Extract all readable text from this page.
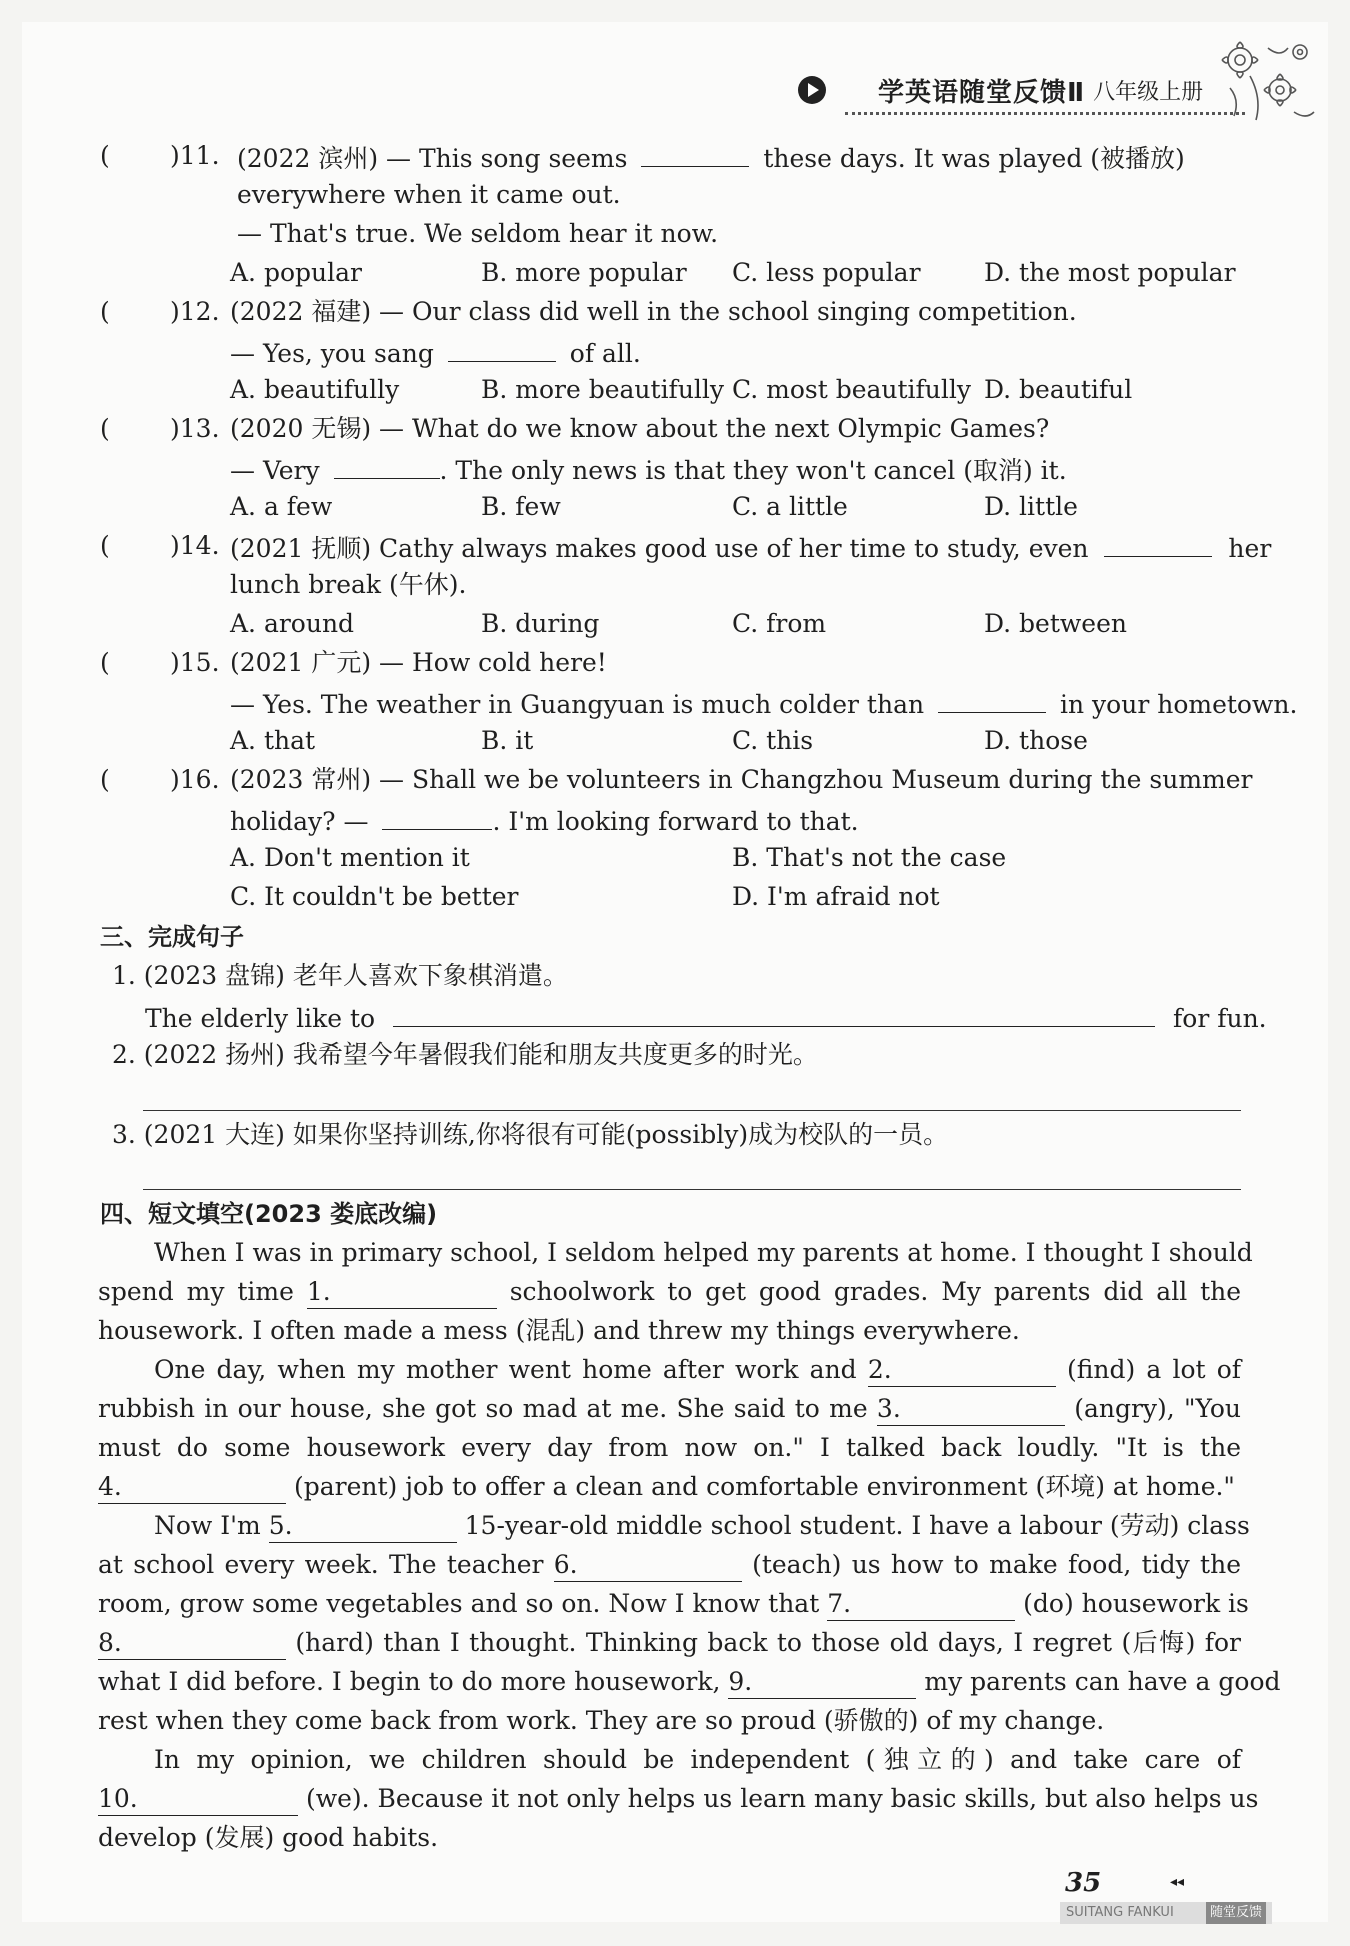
学英语随堂反馈Ⅱ 八年级上册
( )11. (2022 滨州) — This song seems	these days. It was played (被播放)
everywhere when it came out.
— That's true. We seldom hear it now.
A. popular	B. more popular C. less popular	D. the most popular
( )12. (2022 福建) — Our class did well in the school singing competition.
— Yes, you sang	of all.
A. beautifully	B. more beautifully C. most beautifully D. beautiful
( )13. (2020 无锡) — What do we know about the next Olympic Games?
— Very	. The only news is that they won't cancel (取消) it.
A. a few	B. few	C. a little	D. little
( )14. (2021 抚顺) Cathy always makes good use of her time to study, even	her
lunch break (午休).
A. around	B. during	C. from	D. between
( )15. (2021 广元) — How cold here!
— Yes. The weather in Guangyuan is much colder than	in your hometown.
A. that	B. it	C. this	D. those
( )16. (2023 常州) — Shall we be volunteers in Changzhou Museum during the summer
holiday? —	. I'm looking forward to that.
A. Don't mention it	B. That's not the case
C. It couldn't be better	D. I'm afraid not
三、完成句子
1. (2023 盘锦) 老年人喜欢下象棋消遣。
The elderly like to	for fun.
2. (2022 扬州) 我希望今年暑假我们能和朋友共度更多的时光。
3. (2021 大连) 如果你坚持训练,你将很有可能(possibly)成为校队的一员。
四、短文填空(2023 娄底改编)
When I was in primary school, I seldom helped my parents at home. I thought I should
spend my time 1.	schoolwork to get good grades. My parents did all the
housework. I often made a mess (混乱) and threw my things everywhere.
One day, when my mother went home after work and 2.	(find) a lot of
rubbish in our house, she got so mad at me. She said to me 3.	(angry), "You
must do some housework every day from now on." I talked back loudly. "It is the
4.	(parent) job to offer a clean and comfortable environment (环境) at home."
Now I'm 5.	15-year-old middle school student. I have a labour (劳动) class
at school every week. The teacher 6.	(teach) us how to make food, tidy the
room, grow some vegetables and so on. Now I know that 7.	(do) housework is
8.	(hard) than I thought. Thinking back to those old days, I regret (后悔) for
what I did before. I begin to do more housework, 9.	my parents can have a good
rest when they come back from work. They are so proud (骄傲的) of my change.
In my opinion, we children should be independent (独立的) and take care of
10.	(we). Because it not only helps us learn many basic skills, but also helps us
develop (发展) good habits.
35	◂◂
SUITANG FANKUI	随堂反馈
